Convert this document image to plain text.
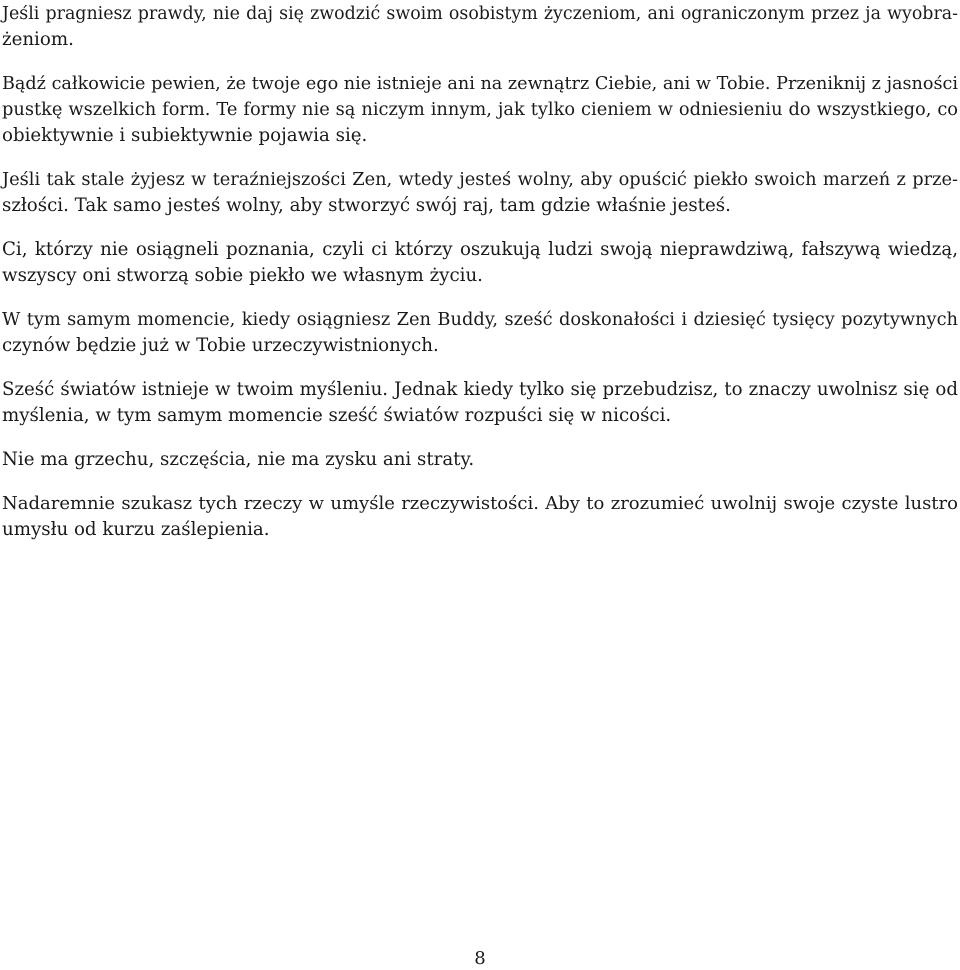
Jeśli pragniesz prawdy, nie daj się zwodzić swoim osobistym życzeniom, ani ograniczonym przez ja wyobra-
żeniom.

Bądź całkowicie pewien, że twoje ego nie istnieje ani na zewnątrz Ciebie, ani w Tobie. Przeniknij z jasności
pustkę wszelkich form. Te formy nie są niczym innym, jak tylko cieniem w odniesieniu do wszystkiego, co
obiektywnie i subiektywnie pojawia się.

Jeśli tak stale żyjesz w teraźniejszości Zen, wtedy jesteś wolny, aby opuścić piekło swoich marzeń z prze-
szłości. Tak samo jesteś wolny, aby stworzyć swój raj, tam gdzie właśnie jesteś.

Ci, którzy nie osiągneli poznania, czyli ci którzy oszukują ludzi swoją nieprawdziwą, fałszywą wiedzą,
wszyscy oni stworzą sobie piekło we własnym życiu.

W tym samym momencie, kiedy osiągniesz Zen Buddy, sześć doskonałości i dziesięć tysięcy pozytywnych
czynów będzie już w Tobie urzeczywistnionych.

Sześć światów istnieje w twoim myśleniu. Jednak kiedy tylko się przebudzisz, to znaczy uwolnisz się od
myślenia, w tym samym momencie sześć światów rozpuści się w nicości.

Nie ma grzechu, szczęścia, nie ma zysku ani straty.

Nadaremnie szukasz tych rzeczy w umyśle rzeczywistości. Aby to zrozumieć uwolnij swoje czyste lustro
umysłu od kurzu zaślepienia.

8
